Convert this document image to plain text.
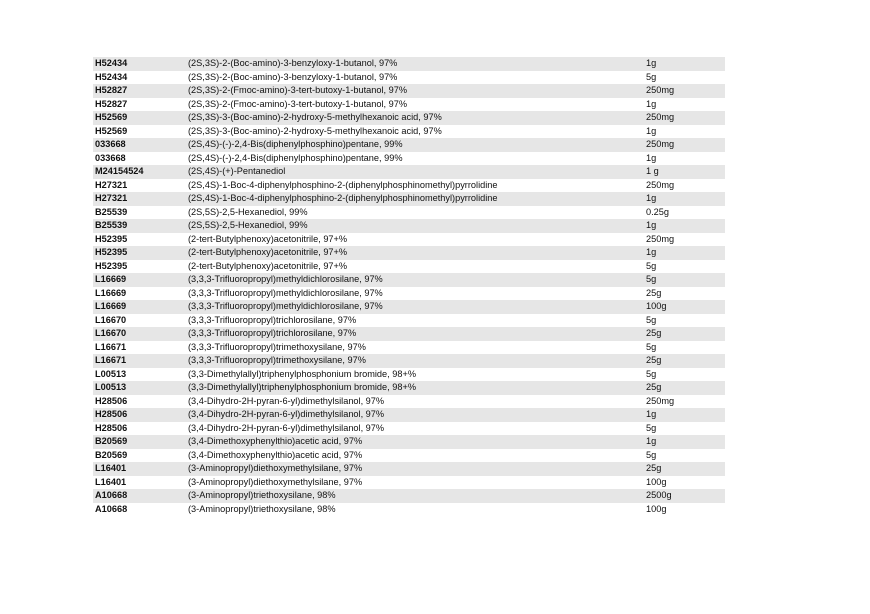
H52434	(2S,3S)-2-(Boc-amino)-3-benzyloxy-1-butanol, 97%	1g
H52434	(2S,3S)-2-(Boc-amino)-3-benzyloxy-1-butanol, 97%	5g
H52827	(2S,3S)-2-(Fmoc-amino)-3-tert-butoxy-1-butanol, 97%	250mg
H52827	(2S,3S)-2-(Fmoc-amino)-3-tert-butoxy-1-butanol, 97%	1g
H52569	(2S,3S)-3-(Boc-amino)-2-hydroxy-5-methylhexanoic acid, 97%	250mg
H52569	(2S,3S)-3-(Boc-amino)-2-hydroxy-5-methylhexanoic acid, 97%	1g
033668	(2S,4S)-(-)-2,4-Bis(diphenylphosphino)pentane, 99%	250mg
033668	(2S,4S)-(-)-2,4-Bis(diphenylphosphino)pentane, 99%	1g
M24154524	(2S,4S)-(+)-Pentanediol	1 g
H27321	(2S,4S)-1-Boc-4-diphenylphosphino-2-(diphenylphosphinomethyl)pyrrolidine	250mg
H27321	(2S,4S)-1-Boc-4-diphenylphosphino-2-(diphenylphosphinomethyl)pyrrolidine	1g
B25539	(2S,5S)-2,5-Hexanediol, 99%	0.25g
B25539	(2S,5S)-2,5-Hexanediol, 99%	1g
H52395	(2-tert-Butylphenoxy)acetonitrile, 97+%	250mg
H52395	(2-tert-Butylphenoxy)acetonitrile, 97+%	1g
H52395	(2-tert-Butylphenoxy)acetonitrile, 97+%	5g
L16669	(3,3,3-Trifluoropropyl)methyldichlorosilane, 97%	5g
L16669	(3,3,3-Trifluoropropyl)methyldichlorosilane, 97%	25g
L16669	(3,3,3-Trifluoropropyl)methyldichlorosilane, 97%	100g
L16670	(3,3,3-Trifluoropropyl)trichlorosilane, 97%	5g
L16670	(3,3,3-Trifluoropropyl)trichlorosilane, 97%	25g
L16671	(3,3,3-Trifluoropropyl)trimethoxysilane, 97%	5g
L16671	(3,3,3-Trifluoropropyl)trimethoxysilane, 97%	25g
L00513	(3,3-Dimethylallyl)triphenylphosphonium bromide, 98+%	5g
L00513	(3,3-Dimethylallyl)triphenylphosphonium bromide, 98+%	25g
H28506	(3,4-Dihydro-2H-pyran-6-yl)dimethylsilanol, 97%	250mg
H28506	(3,4-Dihydro-2H-pyran-6-yl)dimethylsilanol, 97%	1g
H28506	(3,4-Dihydro-2H-pyran-6-yl)dimethylsilanol, 97%	5g
B20569	(3,4-Dimethoxyphenylthio)acetic acid, 97%	1g
B20569	(3,4-Dimethoxyphenylthio)acetic acid, 97%	5g
L16401	(3-Aminopropyl)diethoxymethylsilane, 97%	25g
L16401	(3-Aminopropyl)diethoxymethylsilane, 97%	100g
A10668	(3-Aminopropyl)triethoxysilane, 98%	2500g
A10668	(3-Aminopropyl)triethoxysilane, 98%	100g
